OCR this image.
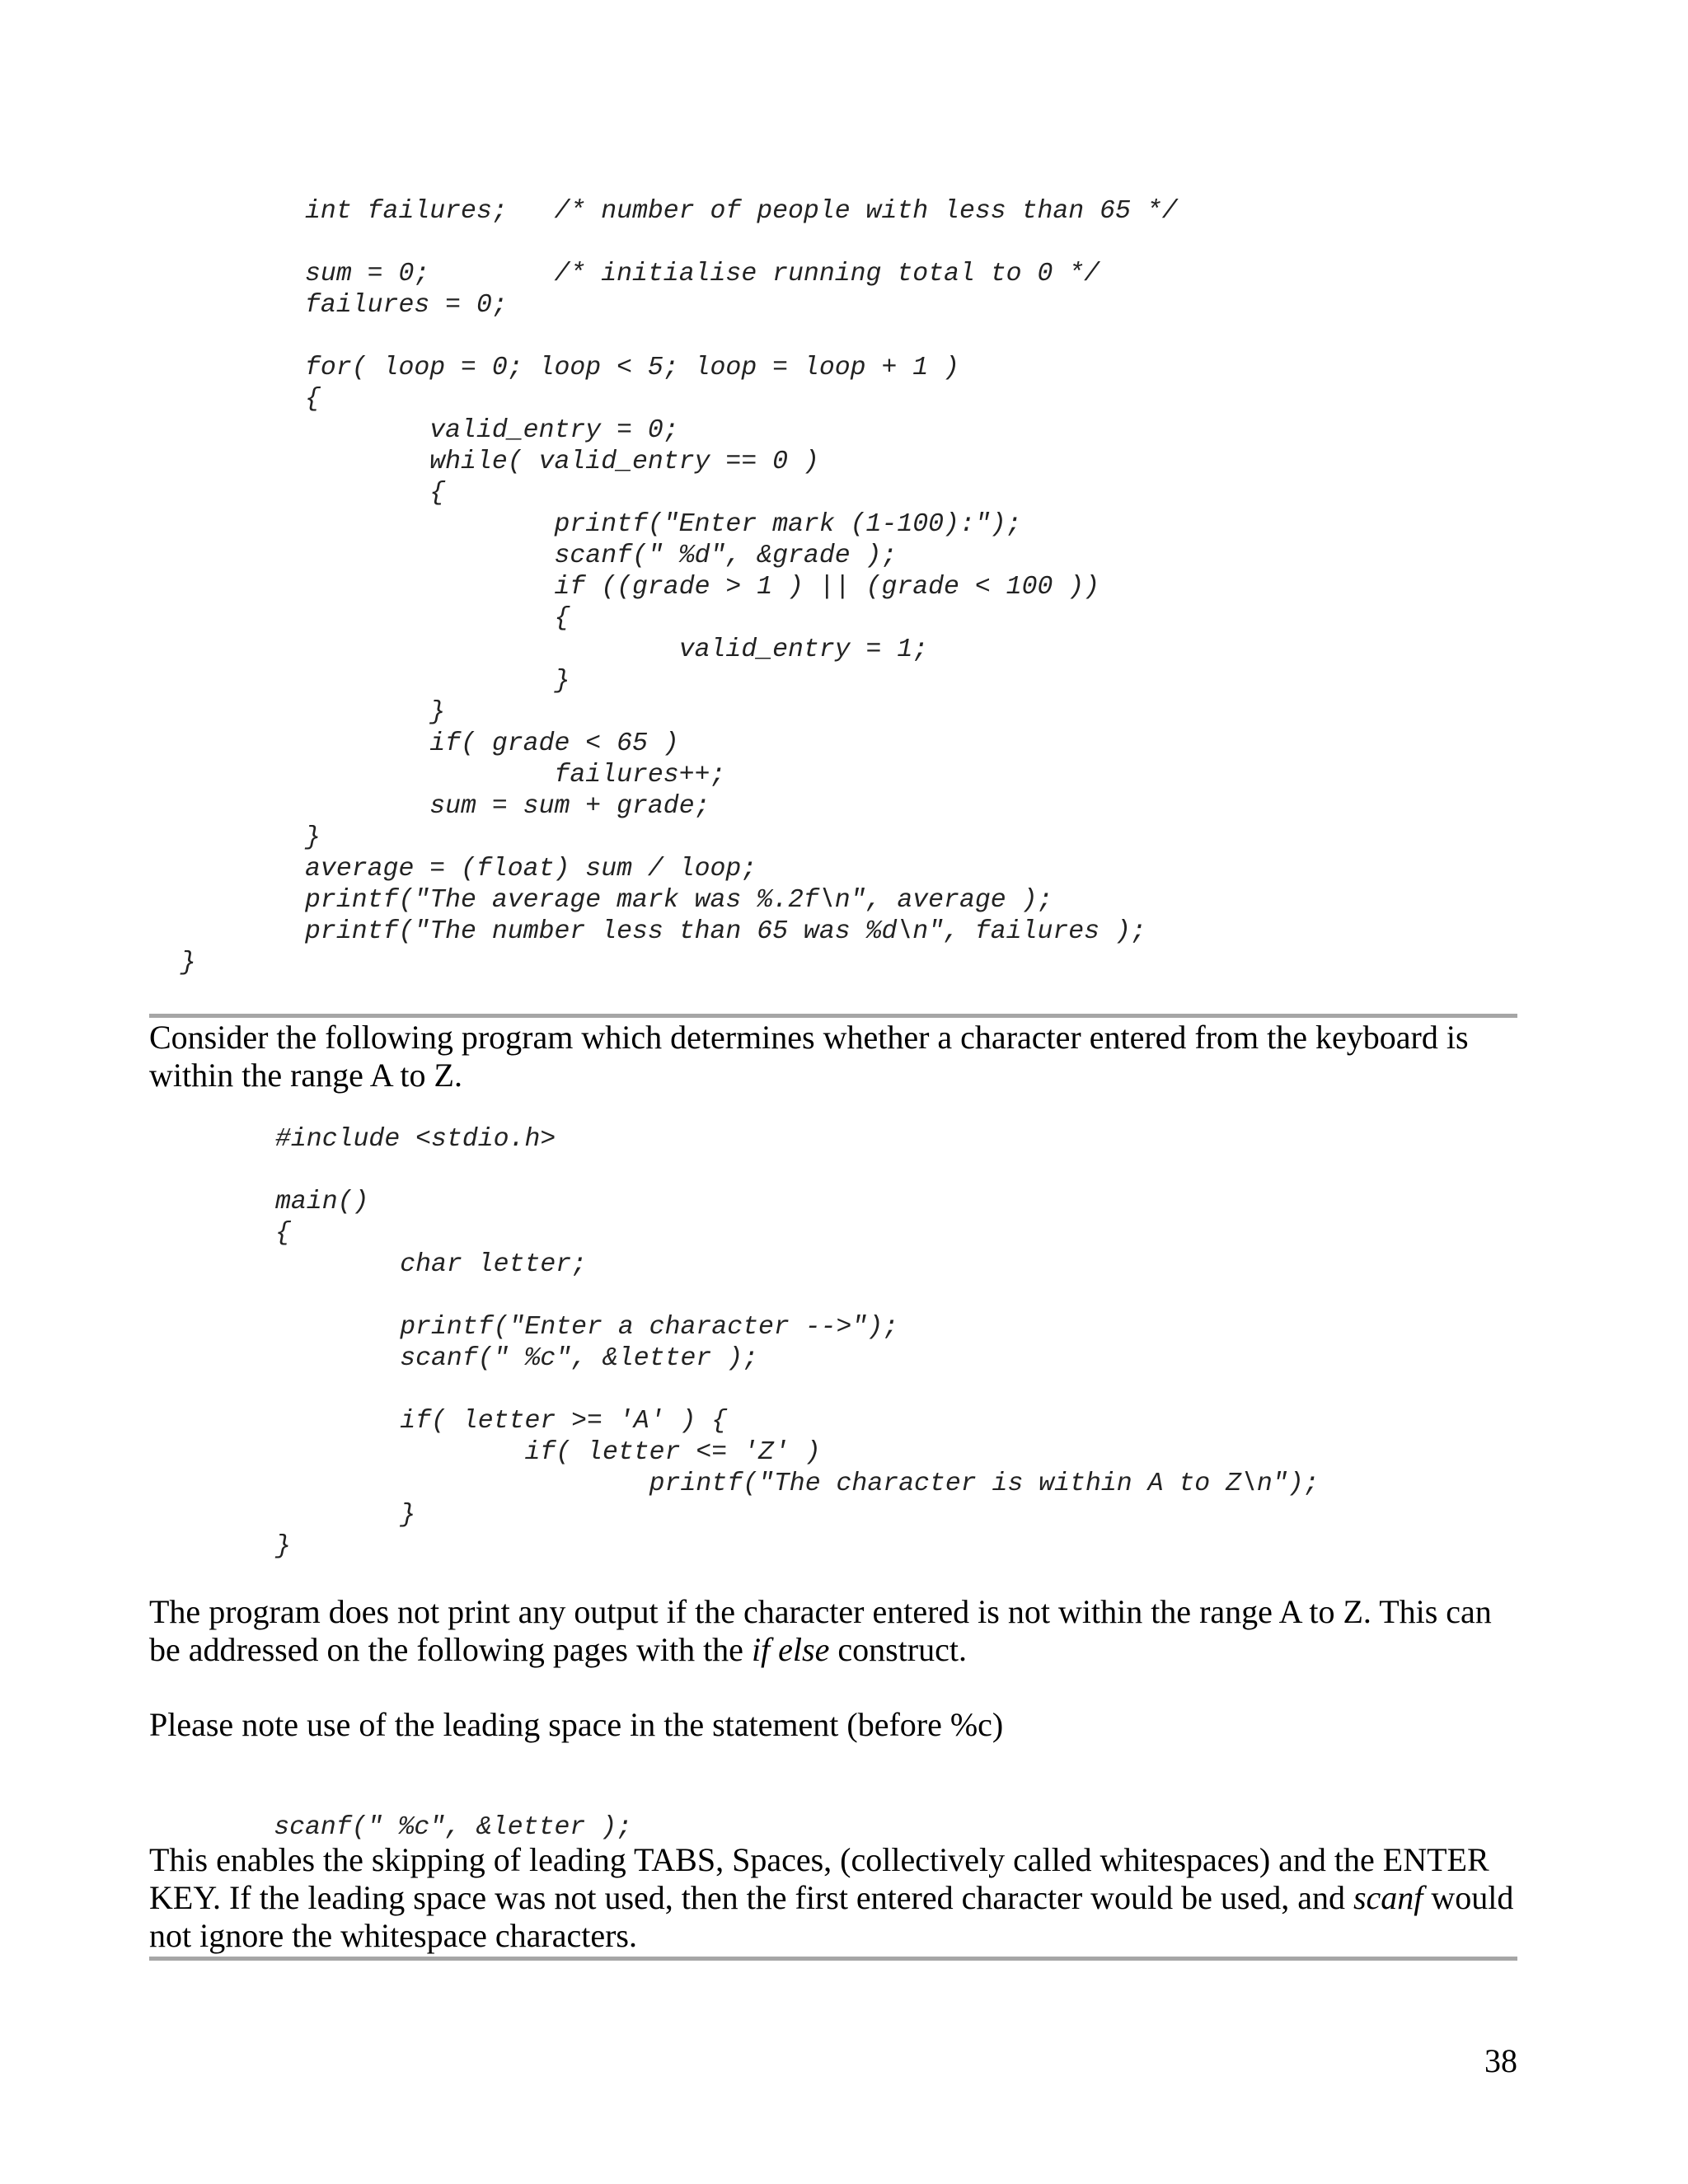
int failures;   /* number of people with less than 65 */
sum = 0;        /* initialise running total to 0 */
failures = 0;
for( loop = 0; loop < 5; loop = loop + 1 )
{
valid_entry = 0;
while( valid_entry == 0 )
{
printf("Enter mark (1-100):");
scanf(" %d", &grade );
if ((grade > 1 ) || (grade < 100 ))
{
valid_entry = 1;
}
}
if( grade < 65 )
failures++;
sum = sum + grade;
}
average = (float) sum / loop;
printf("The average mark was %.2f\n", average );
printf("The number less than 65 was %d\n", failures );
}

Consider the following program which determines whether a character entered from the keyboard is within the range A to Z.

#include <stdio.h>
main()
{
char letter;
printf("Enter a character -->");
scanf(" %c", &letter );
if( letter >= 'A' ) {
if( letter <= 'Z' )
printf("The character is within A to Z\n");
}
}

The program does not print any output if the character entered is not within the range A to Z. This can be addressed on the following pages with the if else construct.

Please note use of the leading space in the statement (before %c)

scanf(" %c", &letter );

This enables the skipping of leading TABS, Spaces, (collectively called whitespaces) and the ENTER KEY. If the leading space was not used, then the first entered character would be used, and scanf would not ignore the whitespace characters.

38
